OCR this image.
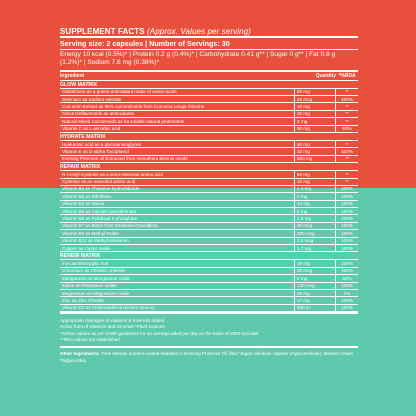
SUPPLEMENT FACTS (Approx. Values per serving)
Serving size: 2 capsules | Number of Servings: 30
Energy 10 kcal (0.5%)* | Protein 0.2 g (0.4%)* | Carbohydrate 0.41 g** | Sugar 0 g** | Fat 0.8 g (1.2%)* | Sodium 7.6 mg (0.38%)*
Ingredient	Quantity *%RDA
GLOW MATRIX
Glutathione as a potent antioxidant made of amino acids	80 mg	**
Selenium as Sodium selenite	40 mcg	100%
Curcumin Extract as 95% curcuminoids from Curcuma Longa rhizome	10 mg	**
Citrus bioflavonoids as antioxidants	20 mg	**
Natural Mixed Carotenoids as fat soluble natural protectants	2 mg	**
Vitamin C as L-ascorbic acid	50 mg	63%
HYDRATE MATRIX
Hyaluronic acid as a glycoaminoglycan	50 mg	**
Vitamin E as D-alpha Tocopherol	10 mg	100%
Evening Primrose oil Extracted from Oenothera biennis seeds	500 mg	**
REPAIR MATRIX
N-Acetyl-Cysteine as a semi-essential amino acid	50 mg	**
Cysteine as an essential amino acid	10 mg	**
Vitamin B1 as Thiamine hydrochloride	1.4 mg	100%
Vitamin B2 as Riboflavin	2 mg	100%
Vitamin B3 as Niacin	14 mg	100%
Vitamin B5 as Calcium pantothenate	5 mg	100%
Vitamin B6 as Pyridoxal 5-phosphate	1.9 mg	100%
Vitamin B7 as Biotin from Sesbania Grandiflora	40 mcg	100%
Vitamin B9 as Methyl Folate	300 mcg	100%
Vitamin B12 as Methylcobalamin	2.2 mcg	100%
Copper as Cupric oxide	1.7 mg	100%
RENEW MATRIX
Iron as Electrolytic iron	19 mg	100%
Chromium as Chromic chloride	50 mcg	100%
Manganese as Manganese oxide	2 mg	50%
Iodine as Potassium iodide	140 mcg	100%
Magnesium as Magnesium oxide	25 mg	7%
Zinc as Zinc Chelate	17 mg	100%
Vitamin D3 as Cholecalciferol (Lichen source)	600 IU	100%
Appropriate overages of vitamins & minerals added
Active form of vitamins and minerals *Plant sources
*%RDA values as per ICMR guidelines for an average adult per day on the basis of 2000 kcal diet
**RDA values not established
Other Ingredients: Time release nutrient-coated beadlets in Evening Primrose Oil filled Vegan cellulose capsule (Hypromellose), Medium Chain Triglycerides.
